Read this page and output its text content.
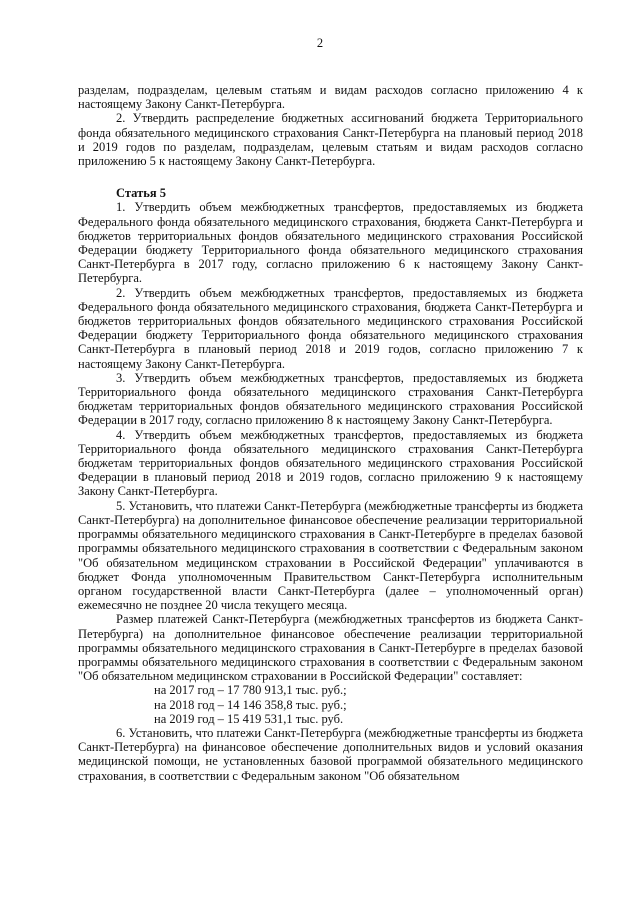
2

разделам, подразделам, целевым статьям и видам расходов согласно приложению 4 к настоящему Закону Санкт-Петербурга.

2. Утвердить распределение бюджетных ассигнований бюджета Территориального фонда обязательного медицинского страхования Санкт-Петербурга на плановый период 2018 и 2019 годов по разделам, подразделам, целевым статьям и видам расходов согласно приложению 5 к настоящему Закону Санкт-Петербурга.

Статья 5

1. Утвердить объем межбюджетных трансфертов, предоставляемых из бюджета Федерального фонда обязательного медицинского страхования, бюджета Санкт-Петербурга и бюджетов территориальных фондов обязательного медицинского страхования Российской Федерации бюджету Территориального фонда обязательного медицинского страхования Санкт-Петербурга в 2017 году, согласно приложению 6 к настоящему Закону Санкт-Петербурга.

2. Утвердить объем межбюджетных трансфертов, предоставляемых из бюджета Федерального фонда обязательного медицинского страхования, бюджета Санкт-Петербурга и бюджетов территориальных фондов обязательного медицинского страхования Российской Федерации бюджету Территориального фонда обязательного медицинского страхования Санкт-Петербурга в плановый период 2018 и 2019 годов, согласно приложению 7 к настоящему Закону Санкт-Петербурга.

3. Утвердить объем межбюджетных трансфертов, предоставляемых из бюджета Территориального фонда обязательного медицинского страхования Санкт-Петербурга бюджетам территориальных фондов обязательного медицинского страхования Российской Федерации в 2017 году, согласно приложению 8 к настоящему Закону Санкт-Петербурга.

4. Утвердить объем межбюджетных трансфертов, предоставляемых из бюджета Территориального фонда обязательного медицинского страхования Санкт-Петербурга бюджетам территориальных фондов обязательного медицинского страхования Российской Федерации в плановый период 2018 и 2019 годов, согласно приложению 9 к настоящему Закону Санкт-Петербурга.

5. Установить, что платежи Санкт-Петербурга (межбюджетные трансферты из бюджета Санкт-Петербурга) на дополнительное финансовое обеспечение реализации территориальной программы обязательного медицинского страхования в Санкт-Петербурге в пределах базовой программы обязательного медицинского страхования в соответствии с Федеральным законом "Об обязательном медицинском страховании в Российской Федерации" уплачиваются в бюджет Фонда уполномоченным Правительством Санкт-Петербурга исполнительным органом государственной власти Санкт-Петербурга (далее – уполномоченный орган) ежемесячно не позднее 20 числа текущего месяца.

Размер платежей Санкт-Петербурга (межбюджетных трансфертов из бюджета Санкт-Петербурга) на дополнительное финансовое обеспечение реализации территориальной программы обязательного медицинского страхования в Санкт-Петербурге в пределах базовой программы обязательного медицинского страхования в соответствии с Федеральным законом "Об обязательном медицинском страховании в Российской Федерации" составляет:

на 2017 год – 17 780 913,1 тыс. руб.;

на 2018 год – 14 146 358,8 тыс. руб.;

на 2019 год – 15 419 531,1 тыс. руб.

6. Установить, что платежи Санкт-Петербурга (межбюджетные трансферты из бюджета Санкт-Петербурга) на финансовое обеспечение дополнительных видов и условий оказания медицинской помощи, не установленных базовой программой обязательного медицинского страхования, в соответствии с Федеральным законом "Об обязательном
